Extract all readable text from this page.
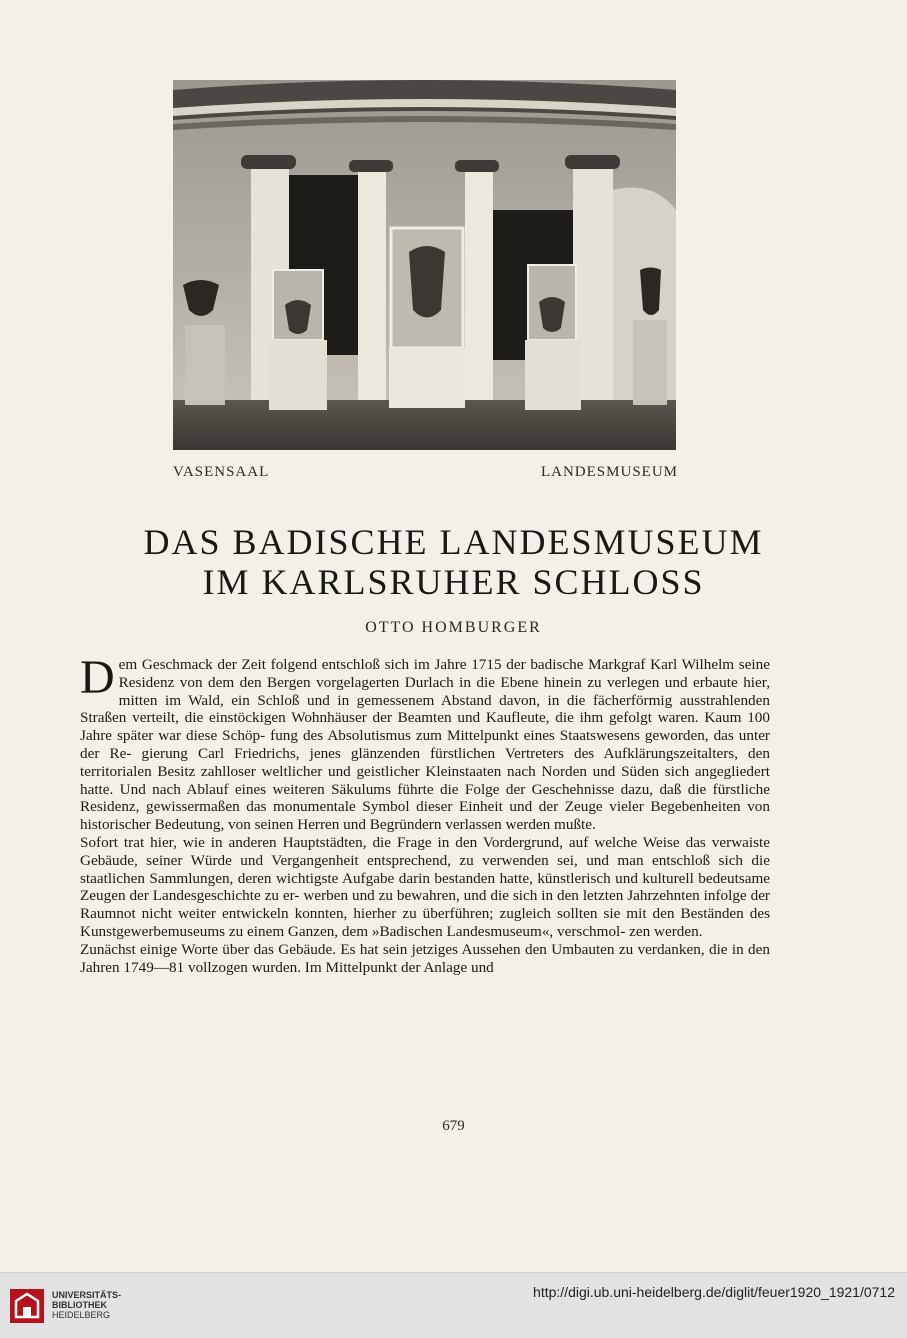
VASENSAAL	LANDESMUSEUM
DAS BADISCHE LANDESMUSEUM
IM KARLSRUHER SCHLOSS
OTTO HOMBURGER

Dem Geschmack der Zeit folgend entschloß sich im Jahre 1715 der badische Markgraf Karl Wilhelm seine Residenz von dem den Bergen vorgelagerten Durlach in die Ebene hinein zu verlegen und erbaute hier, mitten im Wald, ein Schloß und in gemessenem Abstand davon, in die fächerförmig ausstrahlenden Straßen verteilt, die einstöckigen Wohnhäuser der Beamten und Kaufleute, die ihm gefolgt waren. Kaum 100 Jahre später war diese Schöp- fung des Absolutismus zum Mittelpunkt eines Staatswesens geworden, das unter der Re- gierung Carl Friedrichs, jenes glänzenden fürstlichen Vertreters des Aufklärungszeitalters, den territorialen Besitz zahlloser weltlicher und geistlicher Kleinstaaten nach Norden und Süden sich angegliedert hatte. Und nach Ablauf eines weiteren Säkulums führte die Folge der Geschehnisse dazu, daß die fürstliche Residenz, gewissermaßen das monumentale Symbol dieser Einheit und der Zeuge vieler Begebenheiten von historischer Bedeutung, von seinen Herren und Begründern verlassen werden mußte.

Sofort trat hier, wie in anderen Hauptstädten, die Frage in den Vordergrund, auf welche Weise das verwaiste Gebäude, seiner Würde und Vergangenheit entsprechend, zu verwenden sei, und man entschloß sich die staatlichen Sammlungen, deren wichtigste Aufgabe darin bestanden hatte, künstlerisch und kulturell bedeutsame Zeugen der Landesgeschichte zu er- werben und zu bewahren, und die sich in den letzten Jahrzehnten infolge der Raumnot nicht weiter entwickeln konnten, hierher zu überführen; zugleich sollten sie mit den Beständen des Kunstgewerbemuseums zu einem Ganzen, dem »Badischen Landesmuseum«, verschmol- zen werden.

Zunächst einige Worte über das Gebäude. Es hat sein jetziges Aussehen den Umbauten zu verdanken, die in den Jahren 1749—81 vollzogen wurden. Im Mittelpunkt der Anlage und

679
UNIVERSITÄTS-
BIBLIOTHEK
HEIDELBERG
http://digi.ub.uni-heidelberg.de/diglit/feuer1920_1921/0712
